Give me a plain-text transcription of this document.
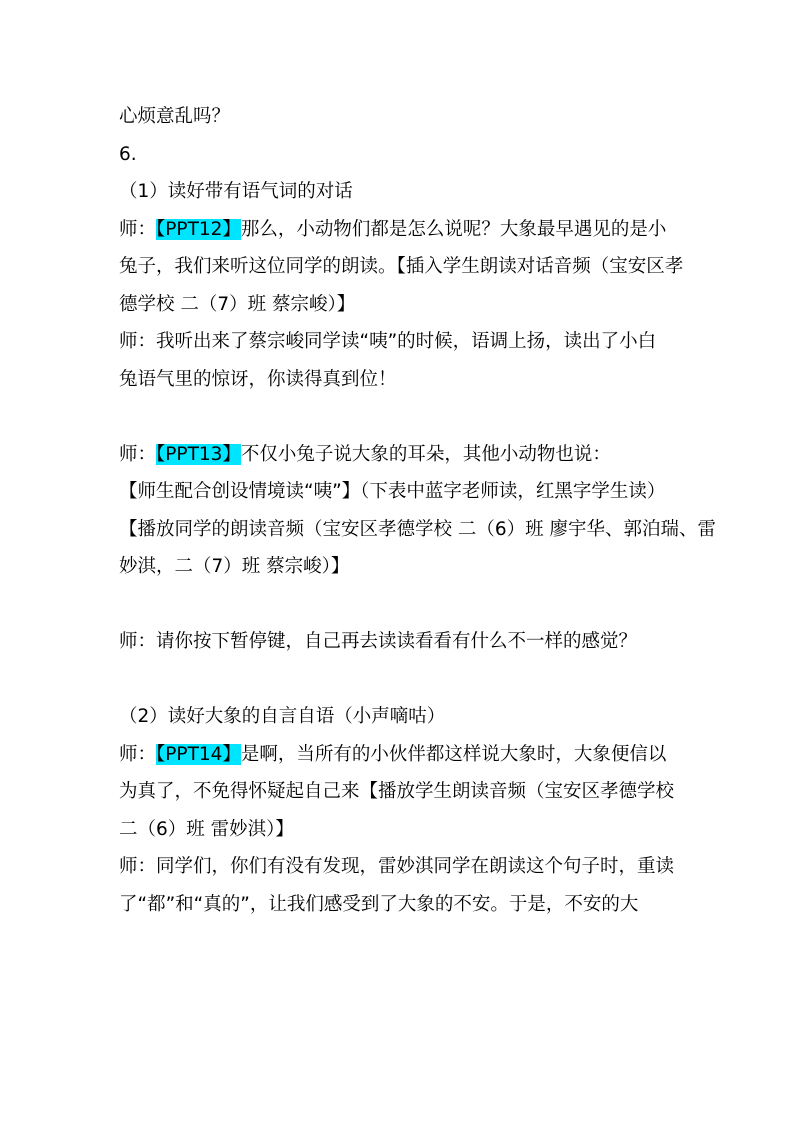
心烦意乱吗？
6.
（1）读好带有语气词的对话
师：【PPT12】那么，小动物们都是怎么说呢？大象最早遇见的是小
兔子，我们来听这位同学的朗读。【插入学生朗读对话音频（宝安区孝
德学校 二（7）班 蔡宗峻）】
师：我听出来了蔡宗峻同学读“咦”的时候，语调上扬，读出了小白
兔语气里的惊讶，你读得真到位！
师：【PPT13】不仅小兔子说大象的耳朵，其他小动物也说：
【师生配合创设情境读“咦”】（下表中蓝字老师读，红黑字学生读）
【播放同学的朗读音频（宝安区孝德学校 二（6）班 廖宇华、郭泊瑞、雷
妙淇，二（7）班 蔡宗峻）】
师：请你按下暂停键，自己再去读读看看有什么不一样的感觉？
（2）读好大象的自言自语（小声嘀咕）
师：【PPT14】是啊，当所有的小伙伴都这样说大象时，大象便信以
为真了，不免得怀疑起自己来【播放学生朗读音频（宝安区孝德学校
二（6）班 雷妙淇）】
师：同学们，你们有没有发现，雷妙淇同学在朗读这个句子时，重读
了“都”和“真的”，让我们感受到了大象的不安。于是，不安的大
